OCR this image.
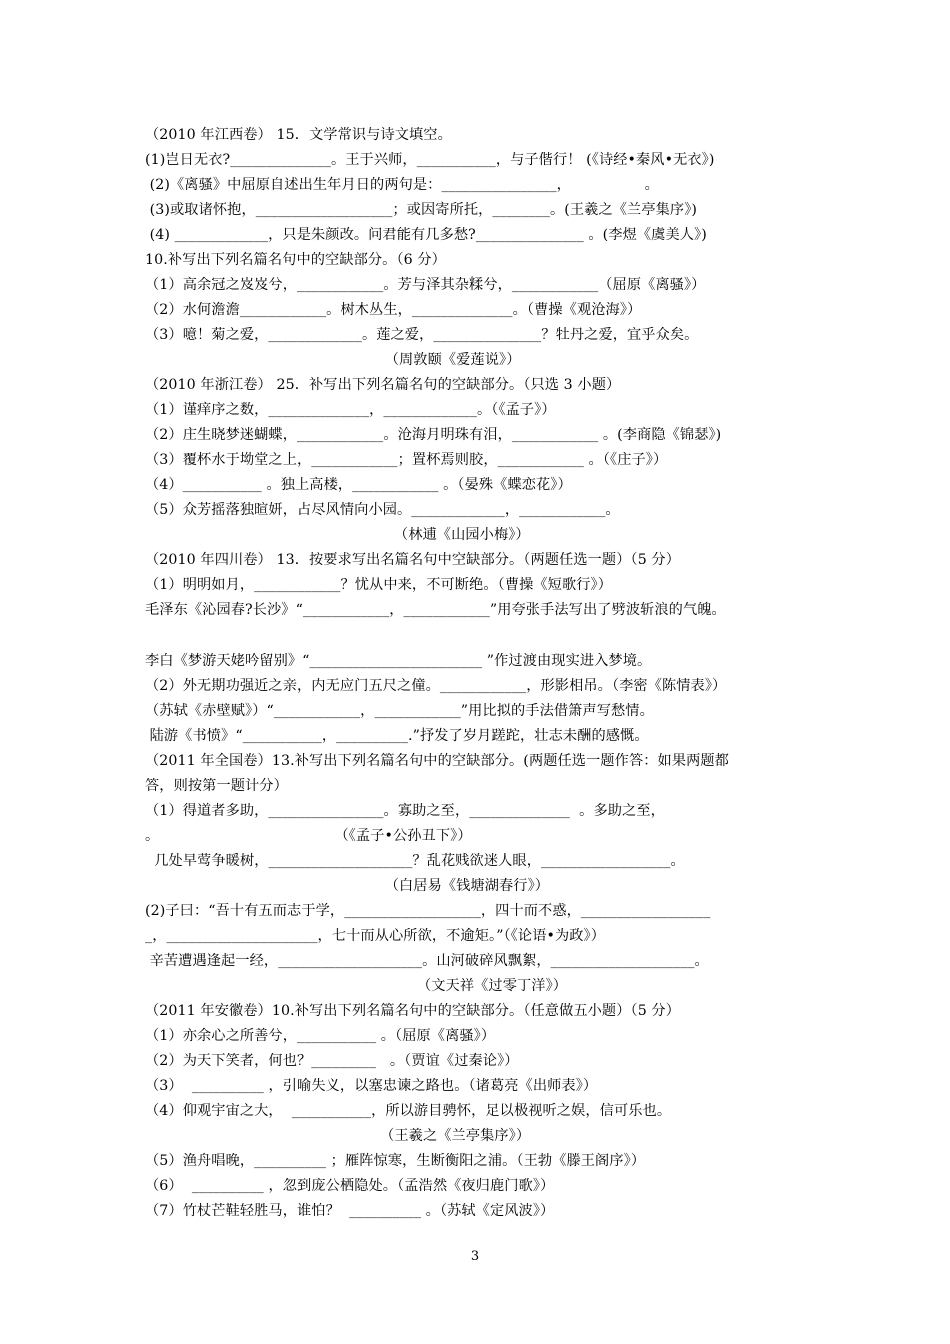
（2010 年江西卷） 15．文学常识与诗文填空。
(1)岂日无衣?______________。王于兴师，___________，与子偕行！ (《诗经•秦风•无衣》)
(2)《离骚》中屈原自述出生年月日的两句是：________________，                。
(3)或取诸怀抱，___________________；或因寄所托，________。(王羲之《兰亭集序》)
(4) _____________，只是朱颜改。问君能有几多愁?_______________ 。(李煜《虞美人》)
10.补写出下列名篇名句中的空缺部分。（6 分）
（1）高余冠之岌岌兮，____________。芳与泽其杂糅兮，____________（屈原《离骚》）
（2）水何澹澹____________。树木丛生，______________。（曹操《观沧海》）
（3）噫！菊之爱，_____________。莲之爱，_______________？牡丹之爱，宜乎众矣。
（周敦颐《爱莲说》）
（2010 年浙江卷） 25．补写出下列名篇名句的空缺部分。（只选 3 小题）
（1）谨痒序之数，______________，_____________。（《孟子》）
（2）庄生晓梦迷蝴蝶，____________。沧海月明珠有泪，____________ 。(李商隐《锦瑟》)
（3）覆杯水于坳堂之上，____________；置杯焉则胶，____________ 。（《庄子》）
（4）___________ 。独上高楼，____________ 。（晏殊《蝶恋花》）
（5）众芳摇落独暄妍，占尽风情向小园。_____________，____________。
（林逋《山园小梅》）
（2010 年四川卷） 13．按要求写出名篇名句中空缺部分。（两题任选一题）（5 分）
（1）明明如月，____________？忧从中来，不可断绝。（曹操《短歌行》）
毛泽东《沁园春?长沙》“____________，____________”用夸张手法写出了劈波斩浪的气魄。
李白《梦游天姥吟留别》“________________________ ”作过渡由现实进入梦境。
（2）外无期功强近之亲，内无应门五尺之僮。____________，形影相吊。（李密《陈情表》）
（苏轼《赤壁赋》）“____________，____________”用比拟的手法借箫声写愁情。
陆游《书愤》“___________，__________.”抒发了岁月蹉跎，壮志未酬的感慨。
（2011 年全国卷）13.补写出下列名篇名句中的空缺部分。(两题任选一题作答：如果两题都
答，则按第一题计分）
（1）得道者多助，________________。寡助之至，______________  。多助之至，
。                                      （《孟子•公孙丑下》）
几处早莺争暖树，____________________？乱花贱欲迷人眼，__________________。
（白居易《钱塘湖春行》）
(2)子曰：“吾十有五而志于学，___________________，四十而不惑，__________________
_，_____________________，七十而从心所欲，不逾矩。”（《论语•为政》）
辛苦遭遇逢起一经，____________________。山河破碎风飘絮，____________________。
（文天祥《过零丁洋》）
（2011 年安徽卷）10.补写出下列名篇名句中的空缺部分。（任意做五小题）（5 分）
（1）亦余心之所善兮，___________ 。（屈原《离骚》）
（2）为天下笑者，何也？_________   。（贾谊《过秦论》）
（3）  __________ ，引喻失义，以塞忠谏之路也。（诸葛亮《出师表》）
（4）仰观宇宙之大，  ___________，所以游目骋怀，足以极视听之娱，信可乐也。
（王羲之《兰亭集序》）
（5）渔舟唱晚，__________ ；雁阵惊寒，生断衡阳之浦。（王勃《滕王阁序》）
（6）  __________ ，忽到庞公栖隐处。（孟浩然《夜归鹿门歌》）
（7）竹杖芒鞋轻胜马，谁怕？  __________ 。（苏轼《定风波》）
3
